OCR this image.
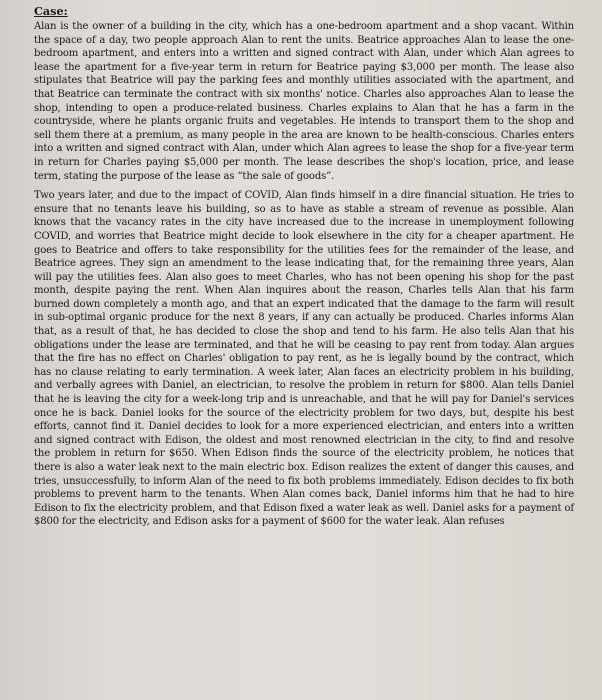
Case:

Alan is the owner of a building in the city, which has a one-bedroom apartment and a shop vacant. Within the space of a day, two people approach Alan to rent the units. Beatrice approaches Alan to lease the one-bedroom apartment, and enters into a written and signed contract with Alan, under which Alan agrees to lease the apartment for a five-year term in return for Beatrice paying $3,000 per month. The lease also stipulates that Beatrice will pay the parking fees and monthly utilities associated with the apartment, and that Beatrice can terminate the contract with six months' notice. Charles also approaches Alan to lease the shop, intending to open a produce-related business. Charles explains to Alan that he has a farm in the countryside, where he plants organic fruits and vegetables. He intends to transport them to the shop and sell them there at a premium, as many people in the area are known to be health-conscious. Charles enters into a written and signed contract with Alan, under which Alan agrees to lease the shop for a five-year term in return for Charles paying $5,000 per month. The lease describes the shop's location, price, and lease term, stating the purpose of the lease as “the sale of goods”.

Two years later, and due to the impact of COVID, Alan finds himself in a dire financial situation. He tries to ensure that no tenants leave his building, so as to have as stable a stream of revenue as possible. Alan knows that the vacancy rates in the city have increased due to the increase in unemployment following COVID, and worries that Beatrice might decide to look elsewhere in the city for a cheaper apartment. He goes to Beatrice and offers to take responsibility for the utilities fees for the remainder of the lease, and Beatrice agrees. They sign an amendment to the lease indicating that, for the remaining three years, Alan will pay the utilities fees. Alan also goes to meet Charles, who has not been opening his shop for the past month, despite paying the rent. When Alan inquires about the reason, Charles tells Alan that his farm burned down completely a month ago, and that an expert indicated that the damage to the farm will result in sub-optimal organic produce for the next 8 years, if any can actually be produced. Charles informs Alan that, as a result of that, he has decided to close the shop and tend to his farm. He also tells Alan that his obligations under the lease are terminated, and that he will be ceasing to pay rent from today. Alan argues that the fire has no effect on Charles' obligation to pay rent, as he is legally bound by the contract, which has no clause relating to early termination. A week later, Alan faces an electricity problem in his building, and verbally agrees with Daniel, an electrician, to resolve the problem in return for $800. Alan tells Daniel that he is leaving the city for a week-long trip and is unreachable, and that he will pay for Daniel's services once he is back. Daniel looks for the source of the electricity problem for two days, but, despite his best efforts, cannot find it. Daniel decides to look for a more experienced electrician, and enters into a written and signed contract with Edison, the oldest and most renowned electrician in the city, to find and resolve the problem in return for $650. When Edison finds the source of the electricity problem, he notices that there is also a water leak next to the main electric box. Edison realizes the extent of danger this causes, and tries, unsuccessfully, to inform Alan of the need to fix both problems immediately. Edison decides to fix both problems to prevent harm to the tenants. When Alan comes back, Daniel informs him that he had to hire Edison to fix the electricity problem, and that Edison fixed a water leak as well. Daniel asks for a payment of $800 for the electricity, and Edison asks for a payment of $600 for the water leak. Alan refuses
